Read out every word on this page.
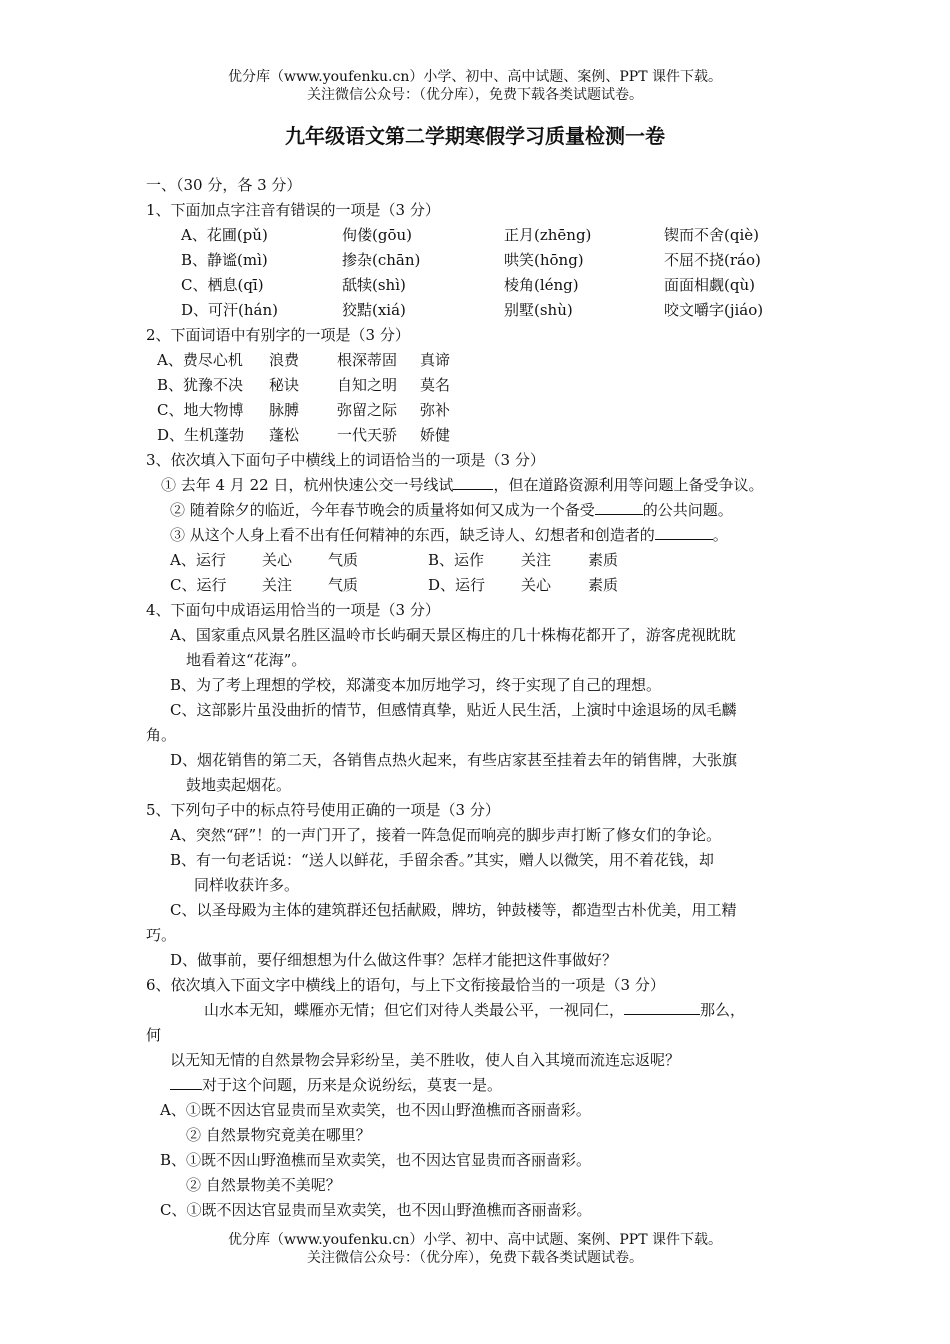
优分库（www.youfenku.cn）小学、初中、高中试题、案例、PPT 课件下载。
关注微信公众号：（优分库），免费下载各类试题试卷。
九年级语文第二学期寒假学习质量检测一卷
一、（30 分，各 3 分）
1、下面加点字注音有错误的一项是（3 分）
A、花圃(pǔ)	佝偻(gōu)	正月(zhēng)	锲而不舍(qiè)
B、静谧(mì)	掺杂(chān)	哄笑(hōng)	不屈不挠(ráo)
C、栖息(qī)	舐犊(shì)	棱角(léng)	面面相觑(qù)
D、可汗(hán)	狡黠(xiá)	别墅(shù)	咬文嚼字(jiáo)
2、下面词语中有别字的一项是（3 分）
A、费尽心机 浪费	根深蒂固 真谛
B、犹豫不决 秘诀	自知之明 莫名
C、地大物博 脉膊	弥留之际 弥补
D、生机蓬勃 蓬松	一代天骄 娇健
3、依次填入下面句子中横线上的词语恰当的一项是（3 分）
① 去年 4 月 22 日，杭州快速公交一号线试	，但在道路资源利用等问题上备受争议。
② 随着除夕的临近，今年春节晚会的质量将如何又成为一个备受	的公共问题。
③ 从这个人身上看不出有任何精神的东西，缺乏诗人、幻想者和创造者的	。
A、运行 关心 气质	B、运作 关注 素质
C、运行 关注 气质	D、运行 关心 素质
4、下面句中成语运用恰当的一项是（3 分）
A、国家重点风景名胜区温岭市长屿硐天景区梅庄的几十株梅花都开了，游客虎视眈眈
地看着这“花海”。
B、为了考上理想的学校，郑潇变本加厉地学习，终于实现了自己的理想。
C、这部影片虽没曲折的情节，但感情真挚，贴近人民生活，上演时中途退场的凤毛麟
角。
D、烟花销售的第二天，各销售点热火起来，有些店家甚至挂着去年的销售牌，大张旗
鼓地卖起烟花。
5、下列句子中的标点符号使用正确的一项是（3 分）
A、突然“砰”！的一声门开了，接着一阵急促而响亮的脚步声打断了修女们的争论。
B、有一句老话说：“送人以鲜花，手留余香。”其实，赠人以微笑，用不着花钱，却
同样收获许多。
C、以圣母殿为主体的建筑群还包括献殿，牌坊，钟鼓楼等，都造型古朴优美，用工精
巧。
D、做事前，要仔细想想为什么做这件事？怎样才能把这件事做好？
6、依次填入下面文字中横线上的语句，与上下文衔接最恰当的一项是（3 分）
山水本无知，蝶雁亦无情；但它们对待人类最公平，一视同仁，	那么，
何
以无知无情的自然景物会异彩纷呈，美不胜收，使人自入其境而流连忘返呢？
对于这个问题，历来是众说纷纭，莫衷一是。
A、①既不因达官显贵而呈欢卖笑，也不因山野渔樵而吝丽啬彩。
② 自然景物究竟美在哪里？
B、①既不因山野渔樵而呈欢卖笑，也不因达官显贵而吝丽啬彩。
② 自然景物美不美呢？
C、①既不因达官显贵而呈欢卖笑，也不因山野渔樵而吝丽啬彩。
优分库（www.youfenku.cn）小学、初中、高中试题、案例、PPT 课件下载。
关注微信公众号：（优分库），免费下载各类试题试卷。
